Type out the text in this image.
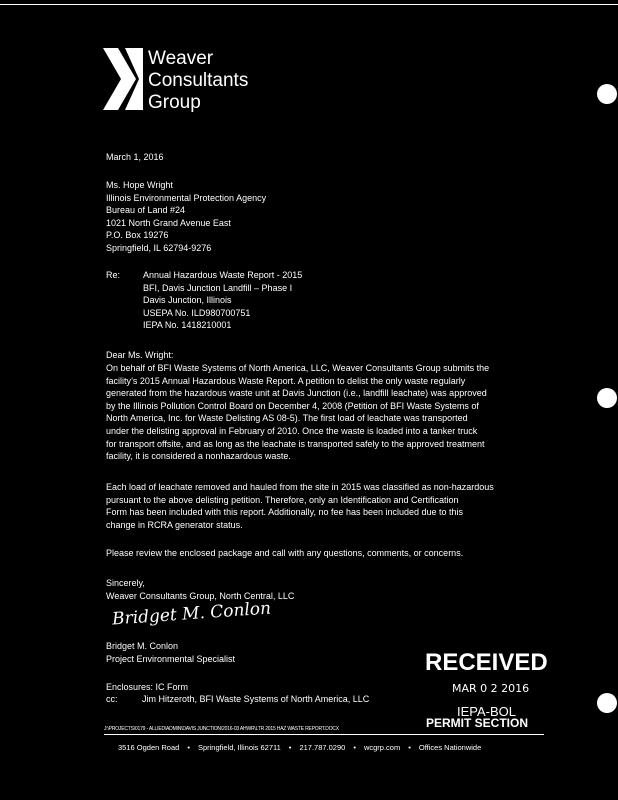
Weaver
Consultants
Group
March 1, 2016
Ms. Hope Wright
Illinois Environmental Protection Agency
Bureau of Land #24
1021 North Grand Avenue East
P.O. Box 19276
Springfield, IL 62794-9276
Re:	Annual Hazardous Waste Report - 2015
BFI, Davis Junction Landfill – Phase I
Davis Junction, Illinois
USEPA No. ILD980700751
IEPA No. 1418210001
Dear Ms. Wright:
On behalf of BFI Waste Systems of North America, LLC, Weaver Consultants Group submits the
facility’s 2015 Annual Hazardous Waste Report. A petition to delist the only waste regularly
generated from the hazardous waste unit at Davis Junction (i.e., landfill leachate) was approved
by the Illinois Pollution Control Board on December 4, 2008 (Petition of BFI Waste Systems of
North America, Inc. for Waste Delisting AS 08-5). The first load of leachate was transported
under the delisting approval in February of 2010. Once the waste is loaded into a tanker truck
for transport offsite, and as long as the leachate is transported safely to the approved treatment
facility, it is considered a nonhazardous waste.
Each load of leachate removed and hauled from the site in 2015 was classified as non-hazardous
pursuant to the above delisting petition. Therefore, only an Identification and Certification
Form has been included with this report. Additionally, no fee has been included due to this
change in RCRA generator status.
Please review the enclosed package and call with any questions, comments, or concerns.
Sincerely,
Weaver Consultants Group, North Central, LLC
Bridget M. Conlon
Bridget M. Conlon
Project Environmental Specialist
Enclosures: IC Form
cc:	Jim Hitzeroth, BFI Waste Systems of North America, LLC
RECEIVED
MAR 0 2 2016
IEPA-BOL
PERMIT SECTION
J:\PROJECTS\0179 - ALLIED\ADMIN\DAVIS JUNCTION\2016-03 AHWR\LTR 2015 HAZ WASTE REPORT.DOCX
3516 Ogden Road • Springfield, Illinois 62711 • 217.787.0290 • wcgrp.com • Offices Nationwide
